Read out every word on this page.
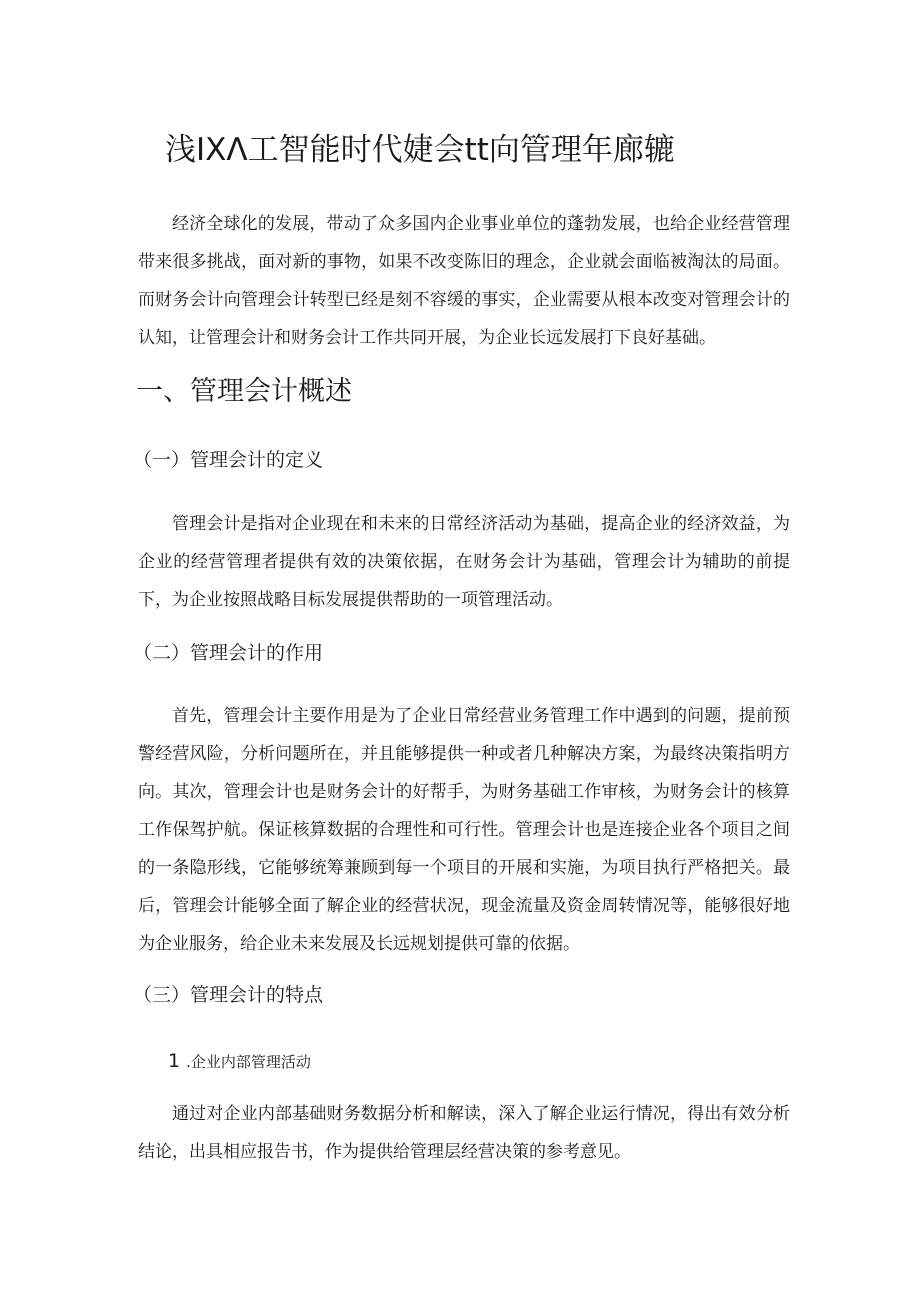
浅IXΛ工智能时代婕会tt向管理年廊辘

经济全球化的发展，带动了众多国内企业事业单位的蓬勃发展，也给企业经营管理带来很多挑战，面对新的事物，如果不改变陈旧的理念，企业就会面临被淘汰的局面。而财务会计向管理会计转型已经是刻不容缓的事实，企业需要从根本改变对管理会计的认知，让管理会计和财务会计工作共同开展，为企业长远发展打下良好基础。

一、管理会计概述
（一）管理会计的定义

管理会计是指对企业现在和未来的日常经济活动为基础，提高企业的经济效益，为企业的经营管理者提供有效的决策依据，在财务会计为基础，管理会计为辅助的前提下，为企业按照战略目标发展提供帮助的一项管理活动。

（二）管理会计的作用

首先，管理会计主要作用是为了企业日常经营业务管理工作中遇到的问题，提前预警经营风险，分析问题所在，并且能够提供一种或者几种解决方案，为最终决策指明方向。其次，管理会计也是财务会计的好帮手，为财务基础工作审核，为财务会计的核算工作保驾护航。保证核算数据的合理性和可行性。管理会计也是连接企业各个项目之间的一条隐形线，它能够统筹兼顾到每一个项目的开展和实施，为项目执行严格把关。最后，管理会计能够全面了解企业的经营状况，现金流量及资金周转情况等，能够很好地为企业服务，给企业未来发展及长远规划提供可靠的依据。

（三）管理会计的特点
1 .企业内部管理活动

通过对企业内部基础财务数据分析和解读，深入了解企业运行情况，得出有效分析结论，出具相应报告书，作为提供给管理层经营决策的参考意见。
